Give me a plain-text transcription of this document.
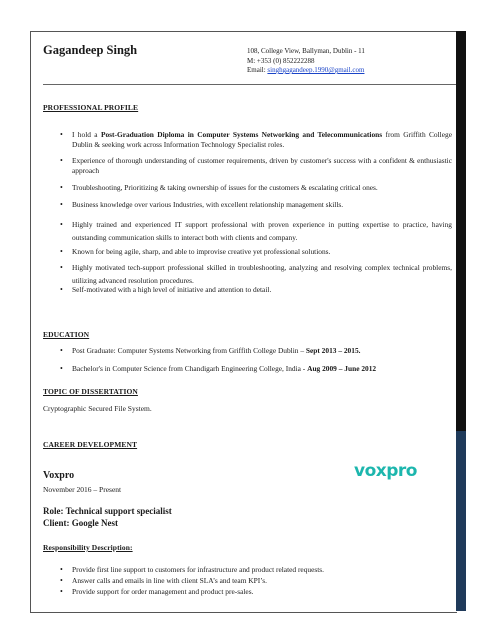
Gagandeep Singh	108, College View, Ballyman, Dublin - 11
M: +353 (0) 852222288
Email: singhgagandeep.1990@gmail.com
PROFESSIONAL PROFILE
• I hold a Post-Graduation Diploma in Computer Systems Networking and Telecommunications from Griffith College Dublin & seeking work across Information Technology Specialist roles.
• Experience of thorough understanding of customer requirements, driven by customer's success with a confident & enthusiastic approach
• Troubleshooting, Prioritizing & taking ownership of issues for the customers & escalating critical ones.
• Business knowledge over various Industries, with excellent relationship management skills.
• Highly trained and experienced IT support professional with proven experience in putting expertise to practice, having outstanding communication skills to interact both with clients and company.
• Known for being agile, sharp, and able to improvise creative yet professional solutions.
• Highly motivated tech-support professional skilled in troubleshooting, analyzing and resolving complex technical problems, utilizing advanced resolution procedures.
• Self-motivated with a high level of initiative and attention to detail.
EDUCATION
• Post Graduate: Computer Systems Networking from Griffith College Dublin – Sept 2013 – 2015.
• Bachelor's in Computer Science from Chandigarh Engineering College, India - Aug 2009 – June 2012
TOPIC OF DISSERTATION
Cryptographic Secured File System.
CAREER DEVELOPMENT
Voxpro
November 2016 – Present
voxpro
Role: Technical support specialist
Client: Google Nest
Responsibility Description:
• Provide first line support to customers for infrastructure and product related requests.
• Answer calls and emails in line with client SLA’s and team KPI’s.
• Provide support for order management and product pre-sales.
